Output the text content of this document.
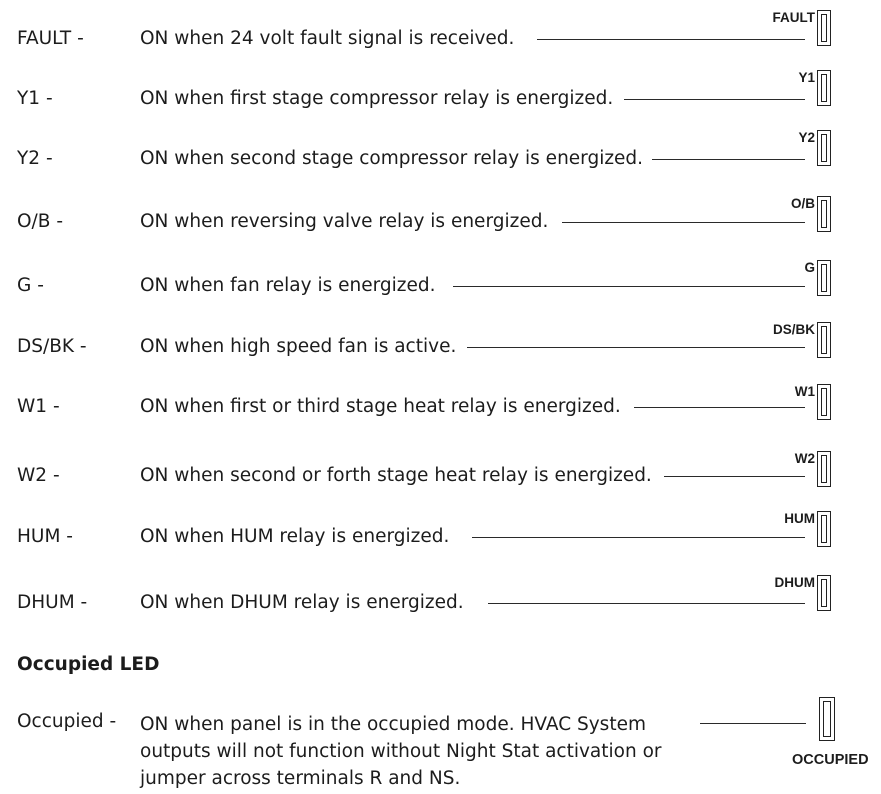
FAULT -	ON when 24 volt fault signal is received.
FAULT
Y1 -	ON when first stage compressor relay is energized.
Y1
Y2 -	ON when second stage compressor relay is energized.
Y2
O/B -	ON when reversing valve relay is energized.
O/B
G -	ON when fan relay is energized.
G
DS/BK -	ON when high speed fan is active.
DS/BK
W1 -	ON when first or third stage heat relay is energized.
W1
W2 -	ON when second or forth stage heat relay is energized.
W2
HUM -	ON when HUM relay is energized.
HUM
DHUM -	ON when DHUM relay is energized.
DHUM
Occupied LED
Occupied - ON when panel is in the occupied mode. HVAC System outputs will not function without Night Stat activation or jumper across terminals R and NS.
OCCUPIED
